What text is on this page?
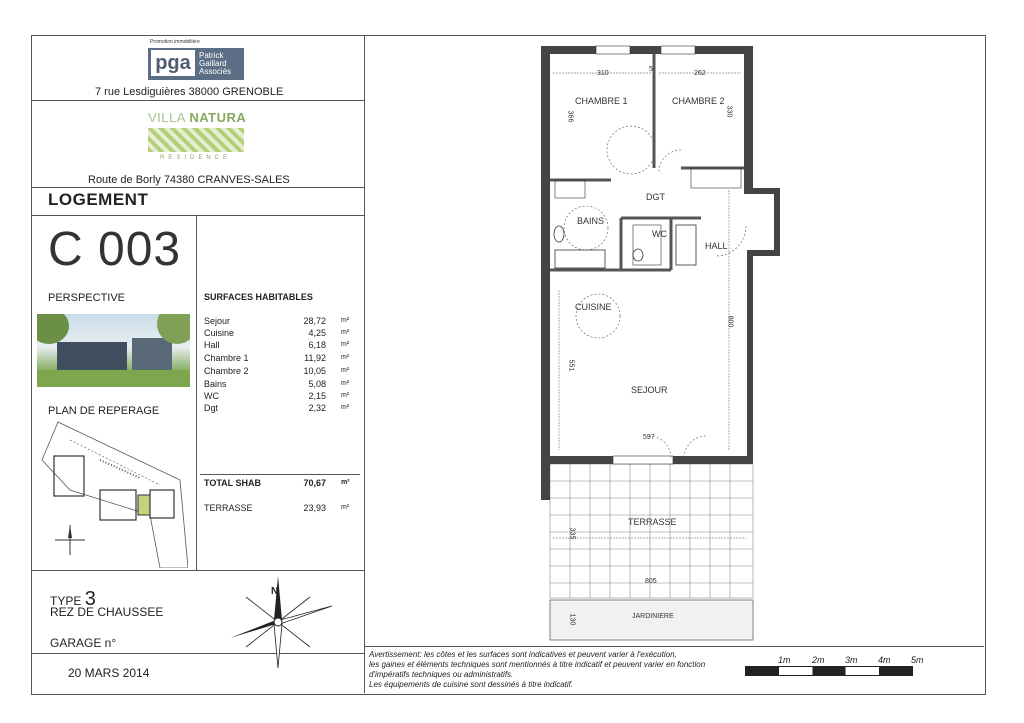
Promotion immobilière
pga	Patrick
Gaillard
Associés
7 rue Lesdiguières 38000 GRENOBLE
VILLA NATURA
RESIDENCE
Route de Borly 74380 CRANVES-SALES
LOGEMENT
C 003
PERSPECTIVE
PLAN DE REPERAGE
SURFACES HABITABLES
Sejour	28,72 m²
Cuisine	4,25 m²
Hall	6,18 m²
Chambre 1	11,92 m²
Chambre 2	10,05 m²
Bains	5,08 m²
WC	2,15 m²
Dgt	2,32 m²
TOTAL SHAB	70,67 m²
TERRASSE	23,93 m²
TYPE 3
REZ DE CHAUSSEE
GARAGE n°
20 MARS 2014
N
CHAMBRE 1	CHAMBRE 2
DGT
BAINS
WC
HALL
CUISINE
SEJOUR
TERRASSE
JARDINIERE
310
5
262
366	330
800
551
597
335
805
130
Avertissement: les côtes et les surfaces sont indicatives et peuvent varier à l'exécution,
les gaines et éléments techniques sont mentionnés à titre indicatif et peuvent varier en fonction
d'impératifs techniques ou administratifs.
Les équipements de cuisine sont dessinés à titre indicatif.
1m 2m 3m 4m 5m
